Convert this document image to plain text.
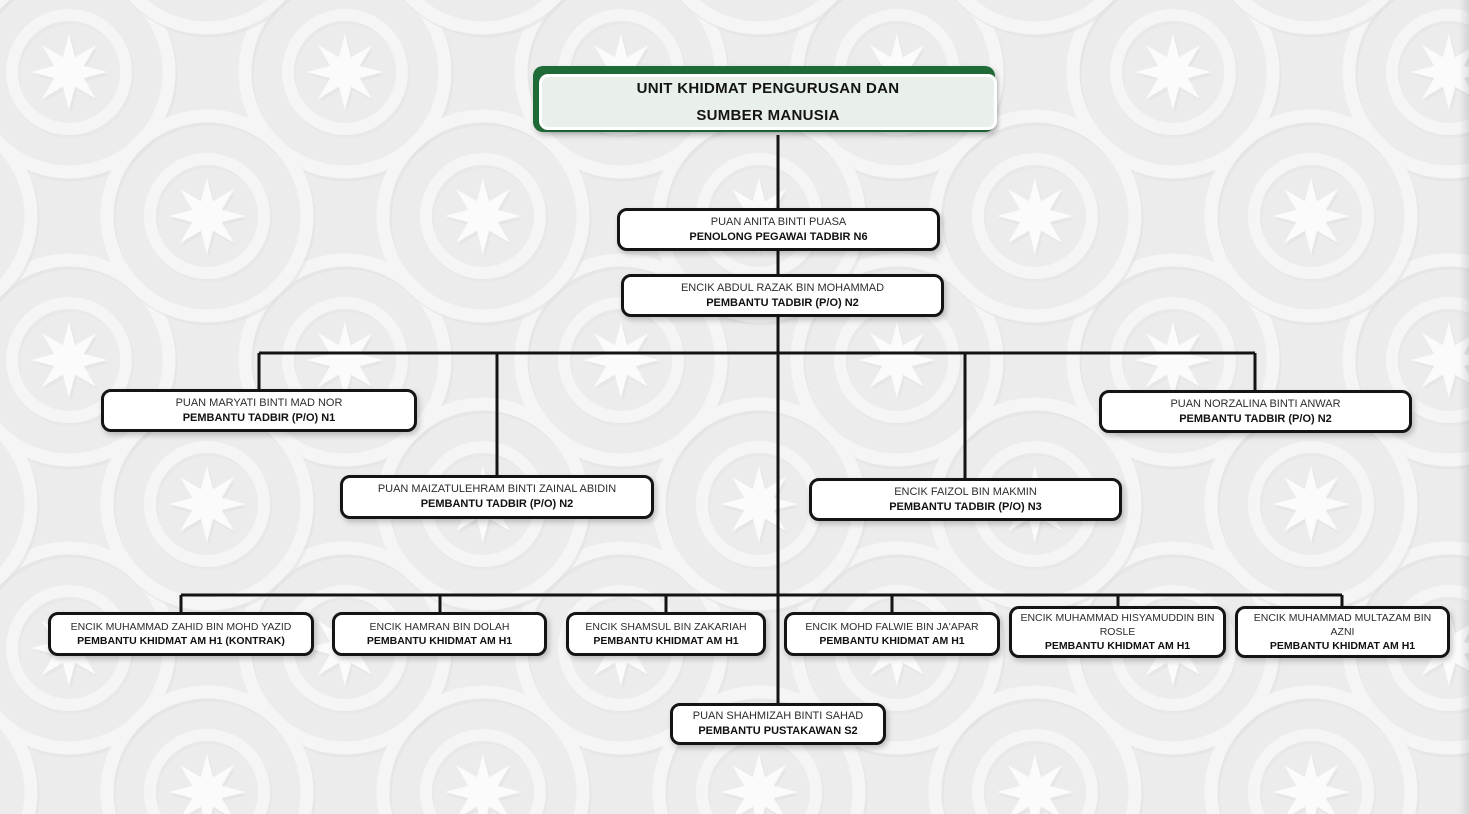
UNIT KHIDMAT PENGURUSAN DAN
SUMBER MANUSIA
PUAN ANITA BINTI PUASA
PENOLONG PEGAWAI TADBIR N6
ENCIK ABDUL RAZAK BIN MOHAMMAD
PEMBANTU TADBIR (P/O) N2
PUAN MARYATI BINTI MAD NOR
PEMBANTU TADBIR (P/O) N1
PUAN MAIZATULEHRAM BINTI ZAINAL ABIDIN
PEMBANTU TADBIR (P/O) N2
ENCIK FAIZOL BIN MAKMIN
PEMBANTU TADBIR (P/O) N3
PUAN NORZALINA BINTI ANWAR
PEMBANTU TADBIR (P/O) N2
ENCIK MUHAMMAD ZAHID BIN MOHD YAZID
PEMBANTU KHIDMAT AM H1 (KONTRAK)
ENCIK HAMRAN BIN DOLAH
PEMBANTU KHIDMAT AM H1
ENCIK SHAMSUL BIN ZAKARIAH
PEMBANTU KHIDMAT AM H1
ENCIK MOHD FALWIE BIN JA'APAR
PEMBANTU KHIDMAT AM H1
ENCIK MUHAMMAD HISYAMUDDIN BIN ROSLE
PEMBANTU KHIDMAT AM H1
ENCIK MUHAMMAD MULTAZAM BIN AZNI
PEMBANTU KHIDMAT AM H1
PUAN SHAHMIZAH BINTI SAHAD
PEMBANTU PUSTAKAWAN S2
